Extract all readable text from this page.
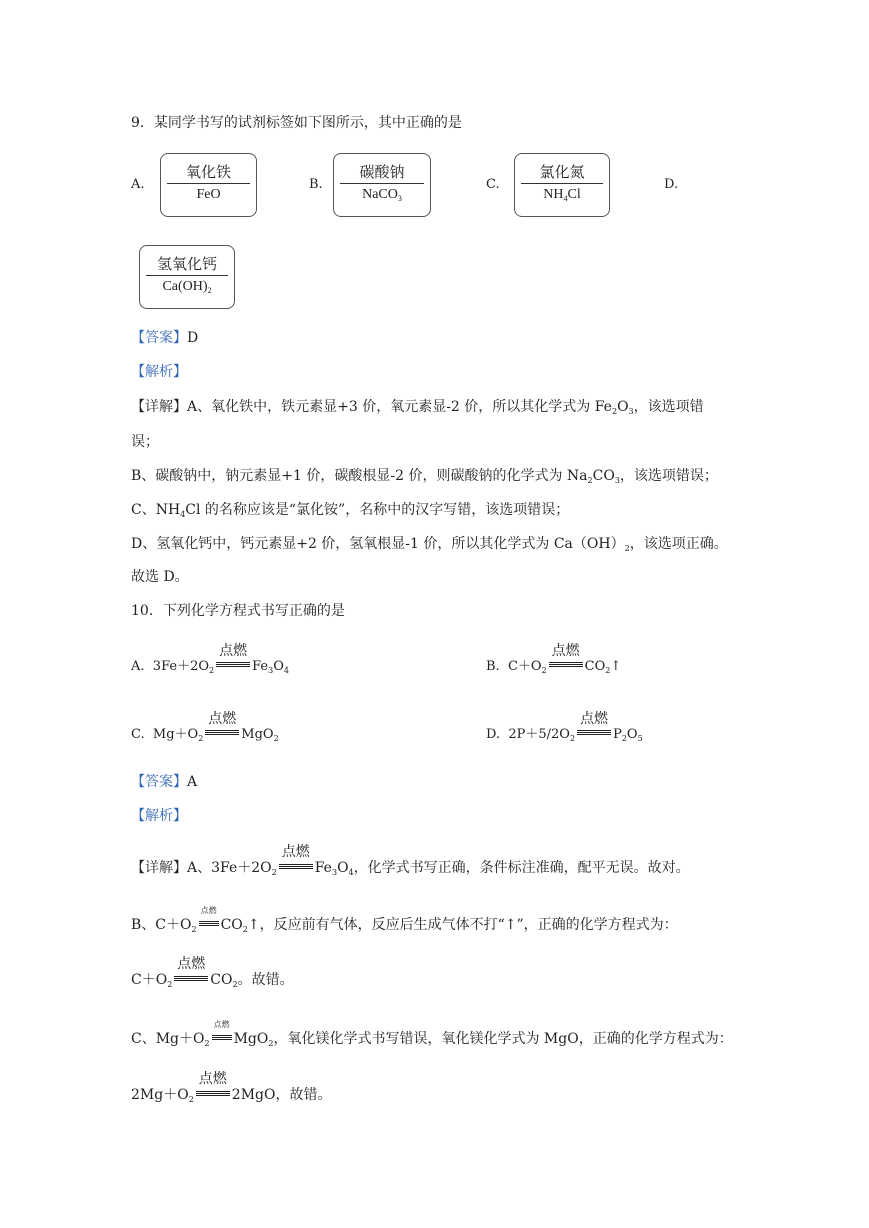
9．某同学书写的试剂标签如下图所示，其中正确的是
A.
氧化铁
FeO
B.
碳酸钠
NaCO$_3$
C.
氯化氮
$NH_4Cl$
D.
氢氧化钙
$Ca(OH)_2$
【答案】D
【解析】
【详解】A、氧化铁中，铁元素显+3 价，氧元素显-2 价，所以其化学式为 $Fe_2O_3$，该选项错
误；
B、碳酸钠中，钠元素显+1 价，碳酸根显-2 价，则碳酸钠的化学式为 $Na_2CO_3$，该选项错误；
C、$NH_4Cl$ 的名称应该是“氯化铵”，名称中的汉字写错，该选项错误；
D、氢氧化钙中，钙元素显+2 价，氢氧根显-1 价，所以其化学式为 $Ca(OH)_2$，该选项正确。
故选 D。
10．下列化学方程式书写正确的是
A. $3Fe+2O_2$
点燃
$Fe_3O_4$	B. $C+O_2$
点燃
$CO_2↑$
C. $Mg+O_2$
点燃
MgO$_2$	D. $2P+5/2O_2$
点燃
$P_2O_5$
【答案】A
【解析】
【详解】A、$3Fe+2O_2$
点燃
$Fe_3O_4$，化学式书写正确，条件标注准确，配平无误。故对。
B、$C+O_2$
点燃
$CO_2↑$，反应前有气体，反应后生成气体不打“↑”，正确的化学方程式为：
$C+O_2$
点燃
$CO_2$。故错。
C、$Mg+O_2$
点燃
MgO$_2$，氧化镁化学式书写错误，氧化镁化学式为 MgO，正确的化学方程式为：
$2Mg+O_2$
点燃
2MgO，故错。
